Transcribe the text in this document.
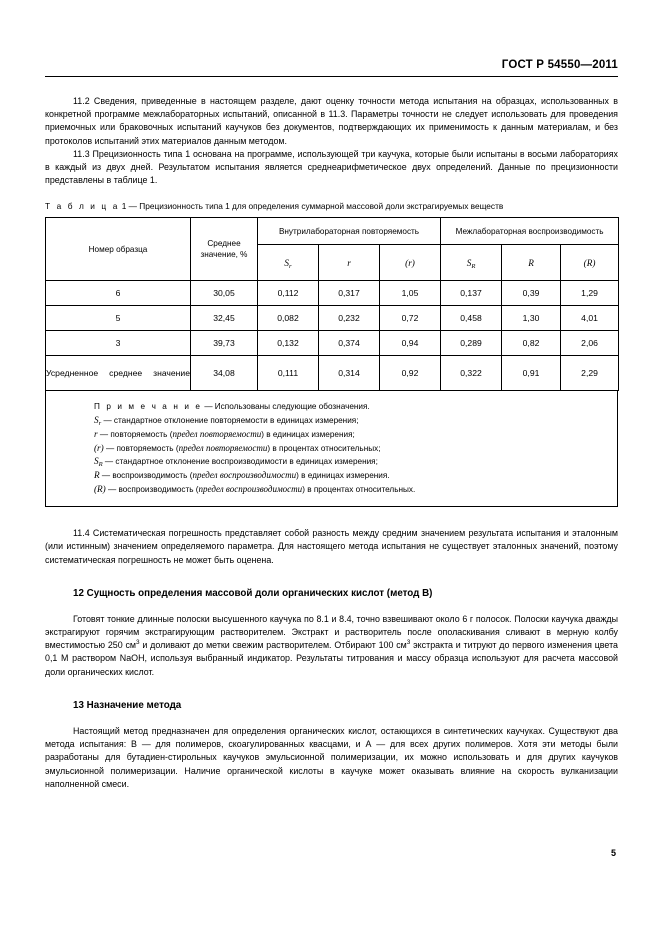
ГОСТ Р 54550—2011

11.2 Сведения, приведенные в настоящем разделе, дают оценку точности метода испытания на образцах, использованных в конкретной программе межлабораторных испытаний, описанной в 11.3. Параметры точности не следует использовать для проведения приемочных или браковочных испытаний каучуков без документов, подтверждающих их применимость к данным материалам, и без протоколов испытаний этих материалов данным методом.

11.3 Прецизионность типа 1 основана на программе, использующей три каучука, которые были испытаны в восьми лабораториях в каждый из двух дней. Результатом испытания является среднеарифметическое двух определений. Данные по прецизионности представлены в таблице 1.

Т а б л и ц а 1 — Прецизионность типа 1 для определения суммарной массовой доли экстрагируемых веществ
Номер образца	Среднее значение, %	Внутрилабораторная повторяемость			Межлабораторная воспроизводимость		
		$S_r$	r	(r)	$S_R$	R	(R)
6	30,05	0,112	0,317	1,05	0,137	0,39	1,29
5	32,45	0,082	0,232	0,72	0,458	1,30	4,01
3	39,73	0,132	0,374	0,94	0,289	0,82	2,06
Усредненное среднее значение	34,08	0,111	0,314	0,92	0,322	0,91	2,29
П р и м е ч а н и е — Использованы следующие обозначения.
$S_r$ — стандартное отклонение повторяемости в единицах измерения;
r — повторяемость (предел повторяемости) в единицах измерения;
(r) — повторяемость (предел повторяемости) в процентах относительных;
$S_R$ — стандартное отклонение воспроизводимости в единицах измерения;
R — воспроизводимость (предел воспроизводимости) в единицах измерения.
(R) — воспроизводимость (предел воспроизводимости) в процентах относительных.

11.4 Систематическая погрешность представляет собой разность между средним значением результата испытания и эталонным (или истинным) значением определяемого параметра. Для настоящего метода испытания не существует эталонных значений, поэтому систематическая погрешность не может быть оценена.

12 Сущность определения массовой доли органических кислот (метод В)

Готовят тонкие длинные полоски высушенного каучука по 8.1 и 8.4, точно взвешивают около 6 г полосок. Полоски каучука дважды экстрагируют горячим экстрагирующим растворителем. Экстракт и растворитель после ополаскивания сливают в мерную колбу вместимостью 250 $см^3$ и доливают до метки свежим растворителем. Отбирают 100 $см^3$ экстракта и титруют до первого изменения цвета 0,1 М раствором NaOH, используя выбранный индикатор. Результаты титрования и массу образца используют для расчета массовой доли органических кислот.

13 Назначение метода

Настоящий метод предназначен для определения органических кислот, остающихся в синтетических каучуках. Существуют два метода испытания: В — для полимеров, скоагулированных квасцами, и А — для всех других полимеров. Хотя эти методы были разработаны для бутадиен-стирольных каучуков эмульсионной полимеризации, их можно использовать и для других каучуков эмульсионной полимеризации. Наличие органической кислоты в каучуке может оказывать влияние на скорость вулканизации наполненной смеси.

5
